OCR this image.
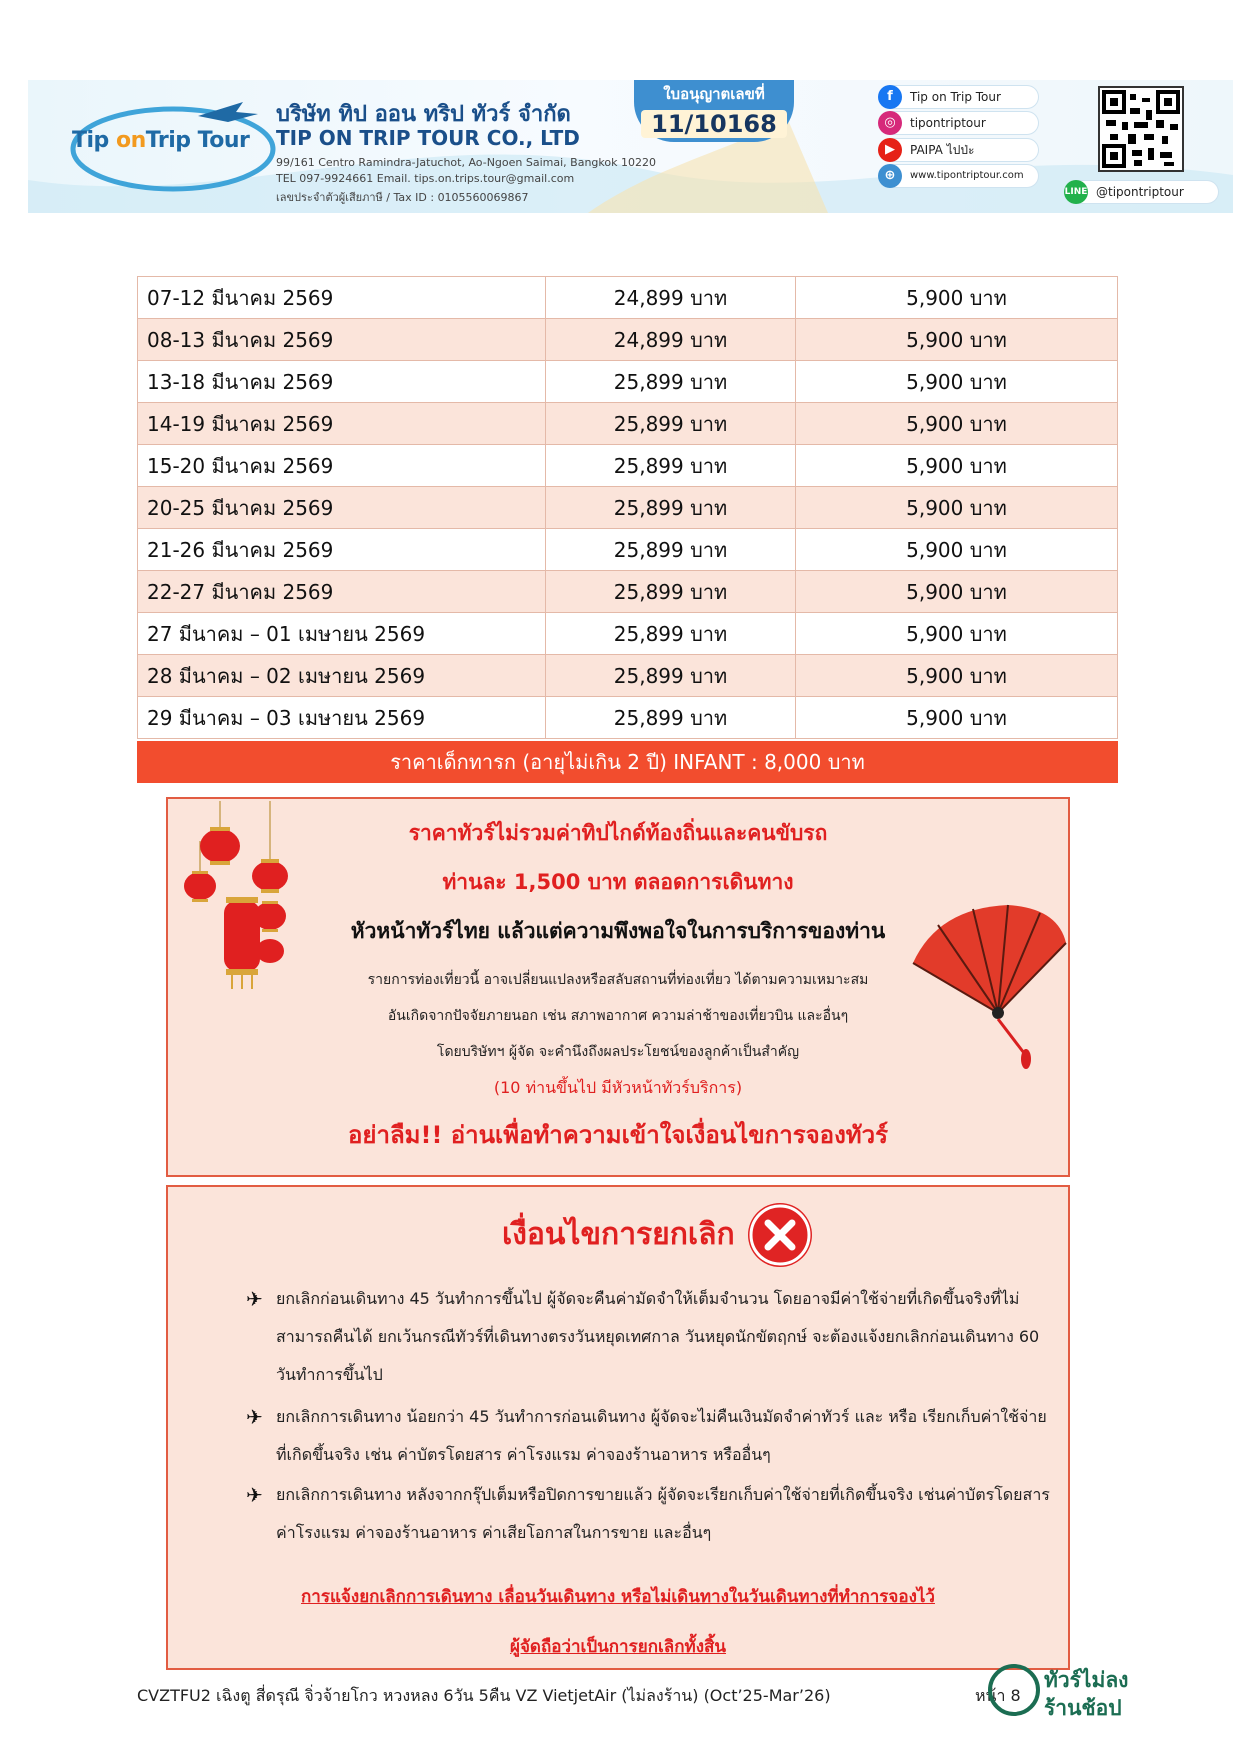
Tip onTrip Tour
บริษัท ทิป ออน ทริป ทัวร์ จำกัด
TIP ON TRIP TOUR CO., LTD
99/161 Centro Ramindra-Jatuchot, Ao-Ngoen Saimai, Bangkok 10220
TEL 097-9924661 Email. tips.on.trips.tour@gmail.com
เลขประจำตัวผู้เสียภาษี / Tax ID : 0105560069867
ใบอนุญาตเลขที่
11/10168
f	Tip on Trip Tour
◎	tipontriptour
▶	PAIPA ไปป่ะ
⊕	www.tipontriptour.com
LINE @tipontriptour
07-12 มีนาคม 2569	24,899 บาท	5,900 บาท
08-13 มีนาคม 2569	24,899 บาท	5,900 บาท
13-18 มีนาคม 2569	25,899 บาท	5,900 บาท
14-19 มีนาคม 2569	25,899 บาท	5,900 บาท
15-20 มีนาคม 2569	25,899 บาท	5,900 บาท
20-25 มีนาคม 2569	25,899 บาท	5,900 บาท
21-26 มีนาคม 2569	25,899 บาท	5,900 บาท
22-27 มีนาคม 2569	25,899 บาท	5,900 บาท
27 มีนาคม – 01 เมษายน 2569	25,899 บาท	5,900 บาท
28 มีนาคม – 02 เมษายน 2569	25,899 บาท	5,900 บาท
29 มีนาคม – 03 เมษายน 2569	25,899 บาท	5,900 บาท
ราคาเด็กทารก (อายุไม่เกิน 2 ปี) INFANT : 8,000 บาท
ราคาทัวร์ไม่รวมค่าทิปไกด์ท้องถิ่นและคนขับรถ
ท่านละ 1,500 บาท ตลอดการเดินทาง
หัวหน้าทัวร์ไทย แล้วแต่ความพึงพอใจในการบริการของท่าน
รายการท่องเที่ยวนี้ อาจเปลี่ยนแปลงหรือสลับสถานที่ท่องเที่ยว ได้ตามความเหมาะสม
อันเกิดจากปัจจัยภายนอก เช่น สภาพอากาศ ความล่าช้าของเที่ยวบิน และอื่นๆ
โดยบริษัทฯ ผู้จัด จะคำนึงถึงผลประโยชน์ของลูกค้าเป็นสำคัญ
(10 ท่านขึ้นไป มีหัวหน้าทัวร์บริการ)
อย่าลืม!! อ่านเพื่อทำความเข้าใจเงื่อนไขการจองทัวร์
เงื่อนไขการยกเลิก
✈ ยกเลิกก่อนเดินทาง 45 วันทำการขึ้นไป ผู้จัดจะคืนค่ามัดจำให้เต็มจำนวน โดยอาจมีค่าใช้จ่ายที่เกิดขึ้นจริงที่ไม่
สามารถคืนได้ ยกเว้นกรณีทัวร์ที่เดินทางตรงวันหยุดเทศกาล วันหยุดนักขัตฤกษ์ จะต้องแจ้งยกเลิกก่อนเดินทาง 60
วันทำการขึ้นไป
✈ ยกเลิกการเดินทาง น้อยกว่า 45 วันทำการก่อนเดินทาง ผู้จัดจะไม่คืนเงินมัดจำค่าทัวร์ และ หรือ เรียกเก็บค่าใช้จ่าย
ที่เกิดขึ้นจริง เช่น ค่าบัตรโดยสาร ค่าโรงแรม ค่าจองร้านอาหาร หรืออื่นๆ
✈ ยกเลิกการเดินทาง หลังจากกรุ๊ปเต็มหรือปิดการขายแล้ว ผู้จัดจะเรียกเก็บค่าใช้จ่ายที่เกิดขึ้นจริง เช่นค่าบัตรโดยสาร
ค่าโรงแรม ค่าจองร้านอาหาร ค่าเสียโอกาสในการขาย และอื่นๆ
การแจ้งยกเลิกการเดินทาง เลื่อนวันเดินทาง หรือไม่เดินทางในวันเดินทางที่ทำการจองไว้
ผู้จัดถือว่าเป็นการยกเลิกทั้งสิ้น
CVZTFU2 เฉิงตู สี่ดรุณี จิ่วจ้ายโกว หวงหลง 6วัน 5คืน VZ VietjetAir (ไม่ลงร้าน) (Oct’25-Mar’26)	หน้า 8
ทัวร์ไม่ลง
ร้านช้อป
